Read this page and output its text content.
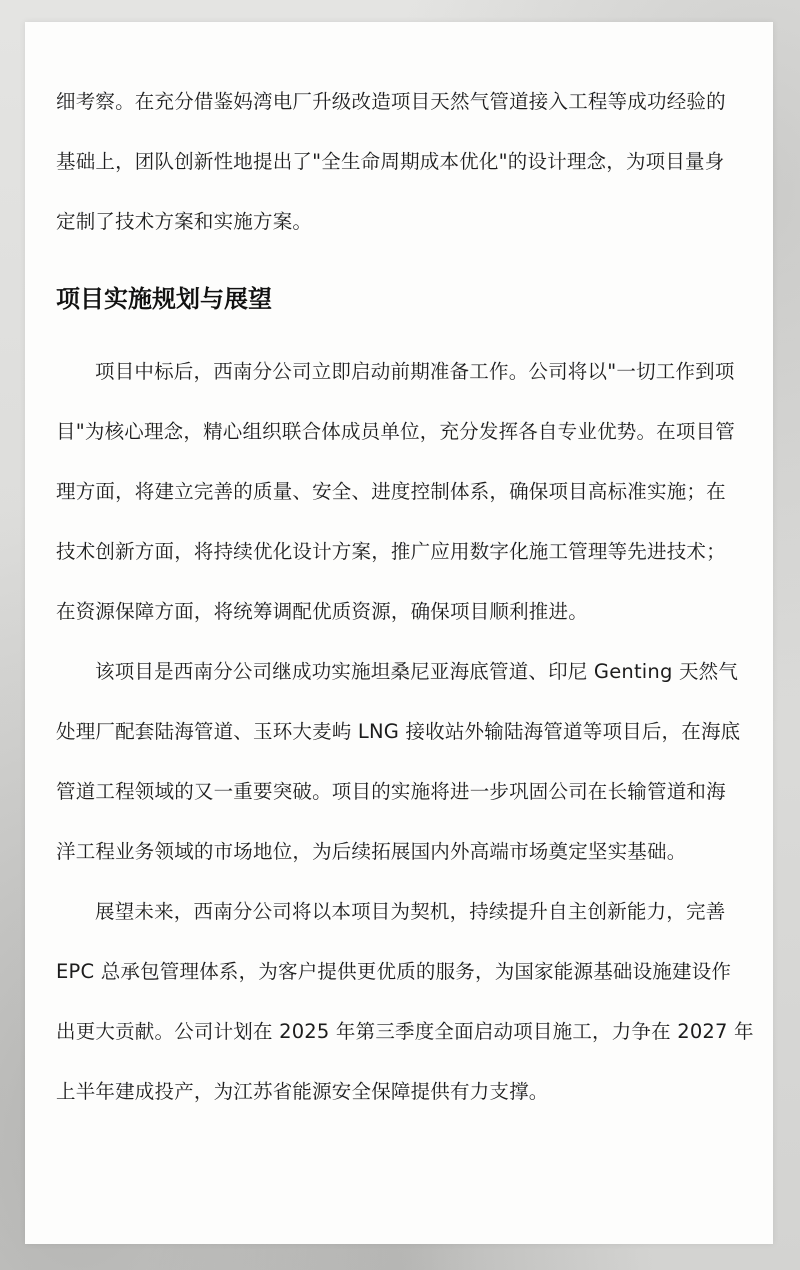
细考察。在充分借鉴妈湾电厂升级改造项目天然气管道接入工程等成功经验的
基础上，团队创新性地提出了"全生命周期成本优化"的设计理念，为项目量身
定制了技术方案和实施方案。

项目实施规划与展望

项目中标后，西南分公司立即启动前期准备工作。公司将以"一切工作到项
目"为核心理念，精心组织联合体成员单位，充分发挥各自专业优势。在项目管
理方面，将建立完善的质量、安全、进度控制体系，确保项目高标准实施；在
技术创新方面，将持续优化设计方案，推广应用数字化施工管理等先进技术；
在资源保障方面，将统筹调配优质资源，确保项目顺利推进。

该项目是西南分公司继成功实施坦桑尼亚海底管道、印尼 Genting 天然气
处理厂配套陆海管道、玉环大麦屿 LNG 接收站外输陆海管道等项目后，在海底
管道工程领域的又一重要突破。项目的实施将进一步巩固公司在长输管道和海
洋工程业务领域的市场地位，为后续拓展国内外高端市场奠定坚实基础。

展望未来，西南分公司将以本项目为契机，持续提升自主创新能力，完善
EPC 总承包管理体系，为客户提供更优质的服务，为国家能源基础设施建设作
出更大贡献。公司计划在 2025 年第三季度全面启动项目施工，力争在 2027 年
上半年建成投产，为江苏省能源安全保障提供有力支撑。
